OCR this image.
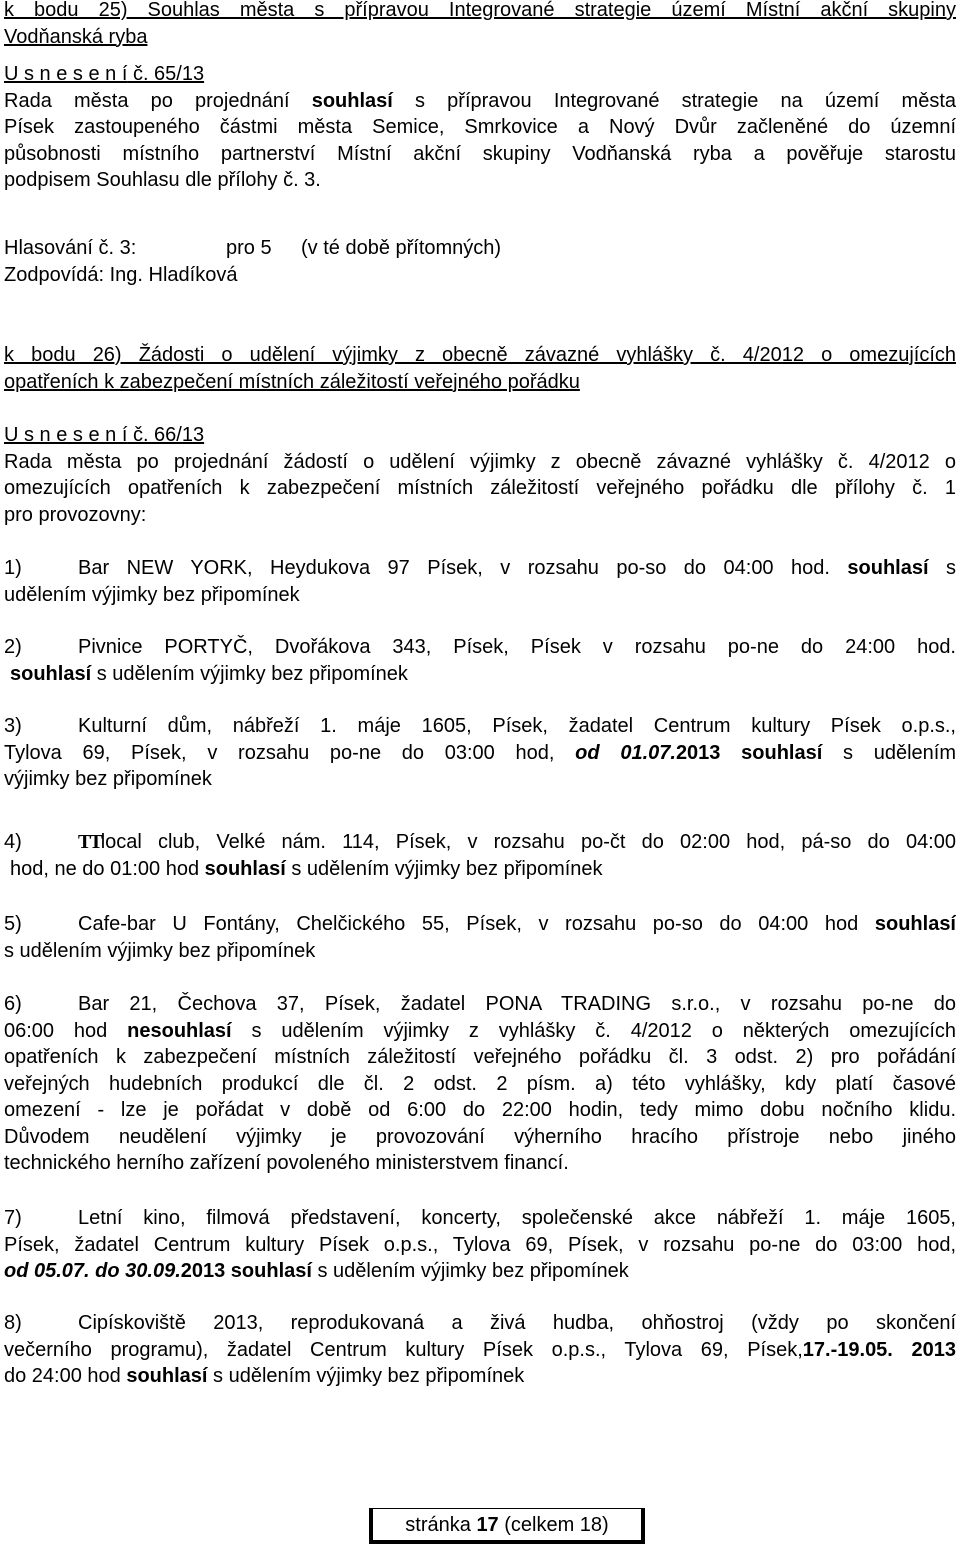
k bodu 25) Souhlas města s přípravou Integrované strategie území Místní akční skupiny
Vodňanská ryba
U s n e s e n í č. 65/13
Rada města po projednání souhlasí s přípravou Integrované strategie na území města
Písek zastoupeného částmi města Semice, Smrkovice a Nový Dvůr začleněné do územní
působnosti místního partnerství Místní akční skupiny Vodňanská ryba a pověřuje starostu
podpisem Souhlasu dle přílohy č. 3.
Hlasování č. 3:	pro 5 (v té době přítomných)
Zodpovídá: Ing. Hladíková
k bodu 26) Žádosti o udělení výjimky z obecně závazné vyhlášky č. 4/2012 o omezujících
opatřeních k zabezpečení místních záležitostí veřejného pořádku
U s n e s e n í č. 66/13
Rada města po projednání žádostí o udělení výjimky z obecně závazné vyhlášky č. 4/2012 o
omezujících opatřeních k zabezpečení místních záležitostí veřejného pořádku dle přílohy č. 1
pro provozovny:
1)	Bar NEW YORK, Heydukova 97 Písek, v rozsahu po-so do 04:00 hod. souhlasí s
udělením výjimky bez připomínek
2)	Pivnice PORTYČ, Dvořákova 343, Písek, Písek v rozsahu po-ne do 24:00 hod.
souhlasí s udělením výjimky bez připomínek
3)	Kulturní dům, nábřeží 1. máje 1605, Písek, žadatel Centrum kultury Písek o.p.s.,
Tylova 69, Písek, v rozsahu po-ne do 03:00 hod, od 01.07.2013 souhlasí s udělením
výjimky bez připomínek
4)	TTlocal club, Velké nám. 114, Písek, v rozsahu po-čt do 02:00 hod, pá-so do 04:00
hod, ne do 01:00 hod souhlasí s udělením výjimky bez připomínek
5)	Cafe-bar U Fontány, Chelčického 55, Písek, v rozsahu po-so do 04:00 hod souhlasí
s udělením výjimky bez připomínek
6)	Bar 21, Čechova 37, Písek, žadatel PONA TRADING s.r.o., v rozsahu po-ne do
06:00 hod nesouhlasí s udělením výjimky z vyhlášky č. 4/2012 o některých omezujících
opatřeních k zabezpečení místních záležitostí veřejného pořádku čl. 3 odst. 2) pro pořádání
veřejných hudebních produkcí dle čl. 2 odst. 2 písm. a) této vyhlášky, kdy platí časové
omezení - lze je pořádat v době od 6:00 do 22:00 hodin, tedy mimo dobu nočního klidu.
Důvodem neudělení výjimky je provozování výherního hracího přístroje nebo jiného
technického herního zařízení povoleného ministerstvem financí.
7)	Letní kino, filmová představení, koncerty, společenské akce nábřeží 1. máje 1605,
Písek, žadatel Centrum kultury Písek o.p.s., Tylova 69, Písek, v rozsahu po-ne do 03:00 hod,
od 05.07. do 30.09.2013 souhlasí s udělením výjimky bez připomínek
8)	Cipískoviště 2013, reprodukovaná a živá hudba, ohňostroj (vždy po skončení
večerního programu), žadatel Centrum kultury Písek o.p.s., Tylova 69, Písek,17.-19.05. 2013
do 24:00 hod souhlasí s udělením výjimky bez připomínek
stránka 17 (celkem 18)
